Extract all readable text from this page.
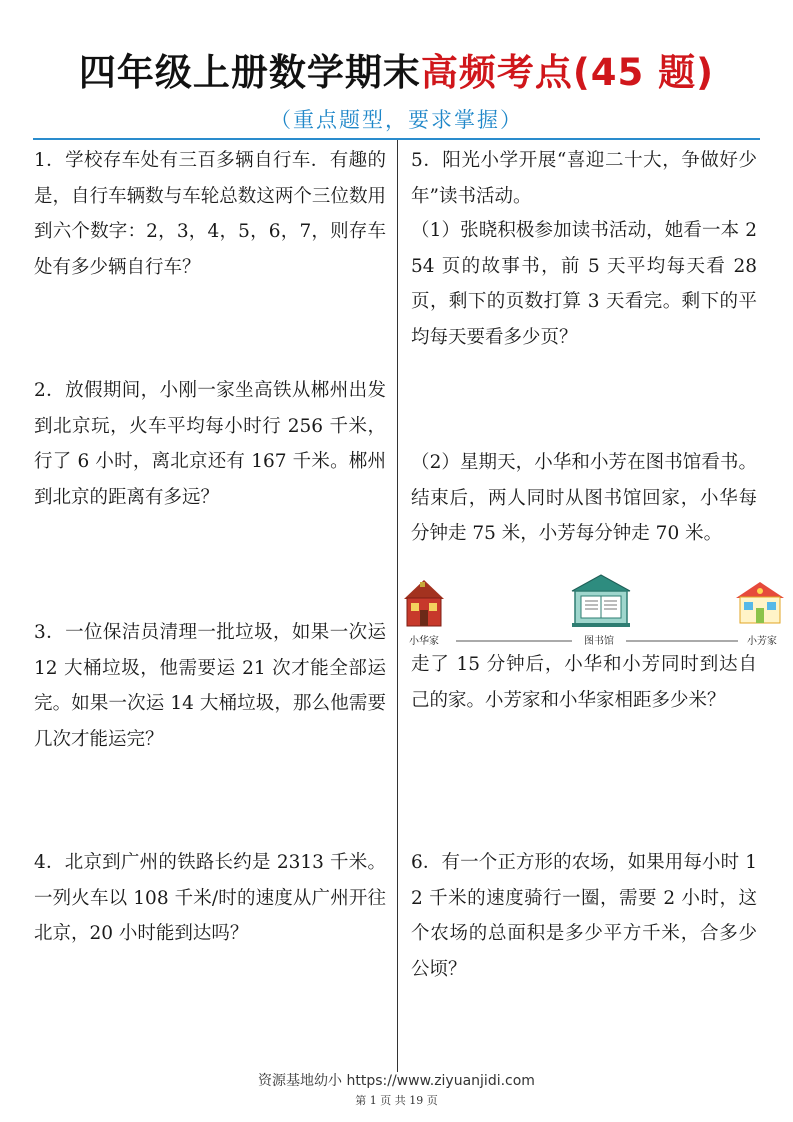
四年级上册数学期末高频考点(45 题)
（重点题型，要求掌握）
1．学校存车处有三百多辆自行车．有趣的是，自行车辆数与车轮总数这两个三位数用到六个数字：2，3，4，5，6，7，则存车处有多少辆自行车？
2．放假期间，小刚一家坐高铁从郴州出发到北京玩，火车平均每小时行 256 千米，行了 6 小时，离北京还有 167 千米。郴州到北京的距离有多远？
3．一位保洁员清理一批垃圾，如果一次运 12 大桶垃圾，他需要运 21 次才能全部运完。如果一次运 14 大桶垃圾，那么他需要几次才能运完？
4．北京到广州的铁路长约是 2313 千米。一列火车以 108 千米/时的速度从广州开往北京，20 小时能到达吗？
5．阳光小学开展“喜迎二十大，争做好少年”读书活动。
（1）张晓积极参加读书活动，她看一本 254 页的故事书，前 5 天平均每天看 28 页，剩下的页数打算 3 天看完。剩下的平均每天要看多少页？
（2）星期天，小华和小芳在图书馆看书。结束后，两人同时从图书馆回家，小华每分钟走 75 米，小芳每分钟走 70 米。
小华家	图书馆	小芳家
走了 15 分钟后，小华和小芳同时到达自己的家。小芳家和小华家相距多少米？
6．有一个正方形的农场，如果用每小时 12 千米的速度骑行一圈，需要 2 小时，这个农场的总面积是多少平方千米，合多少公顷？
资源基地幼小 https://www.ziyuanjidi.com
第 1 页 共 19 页
